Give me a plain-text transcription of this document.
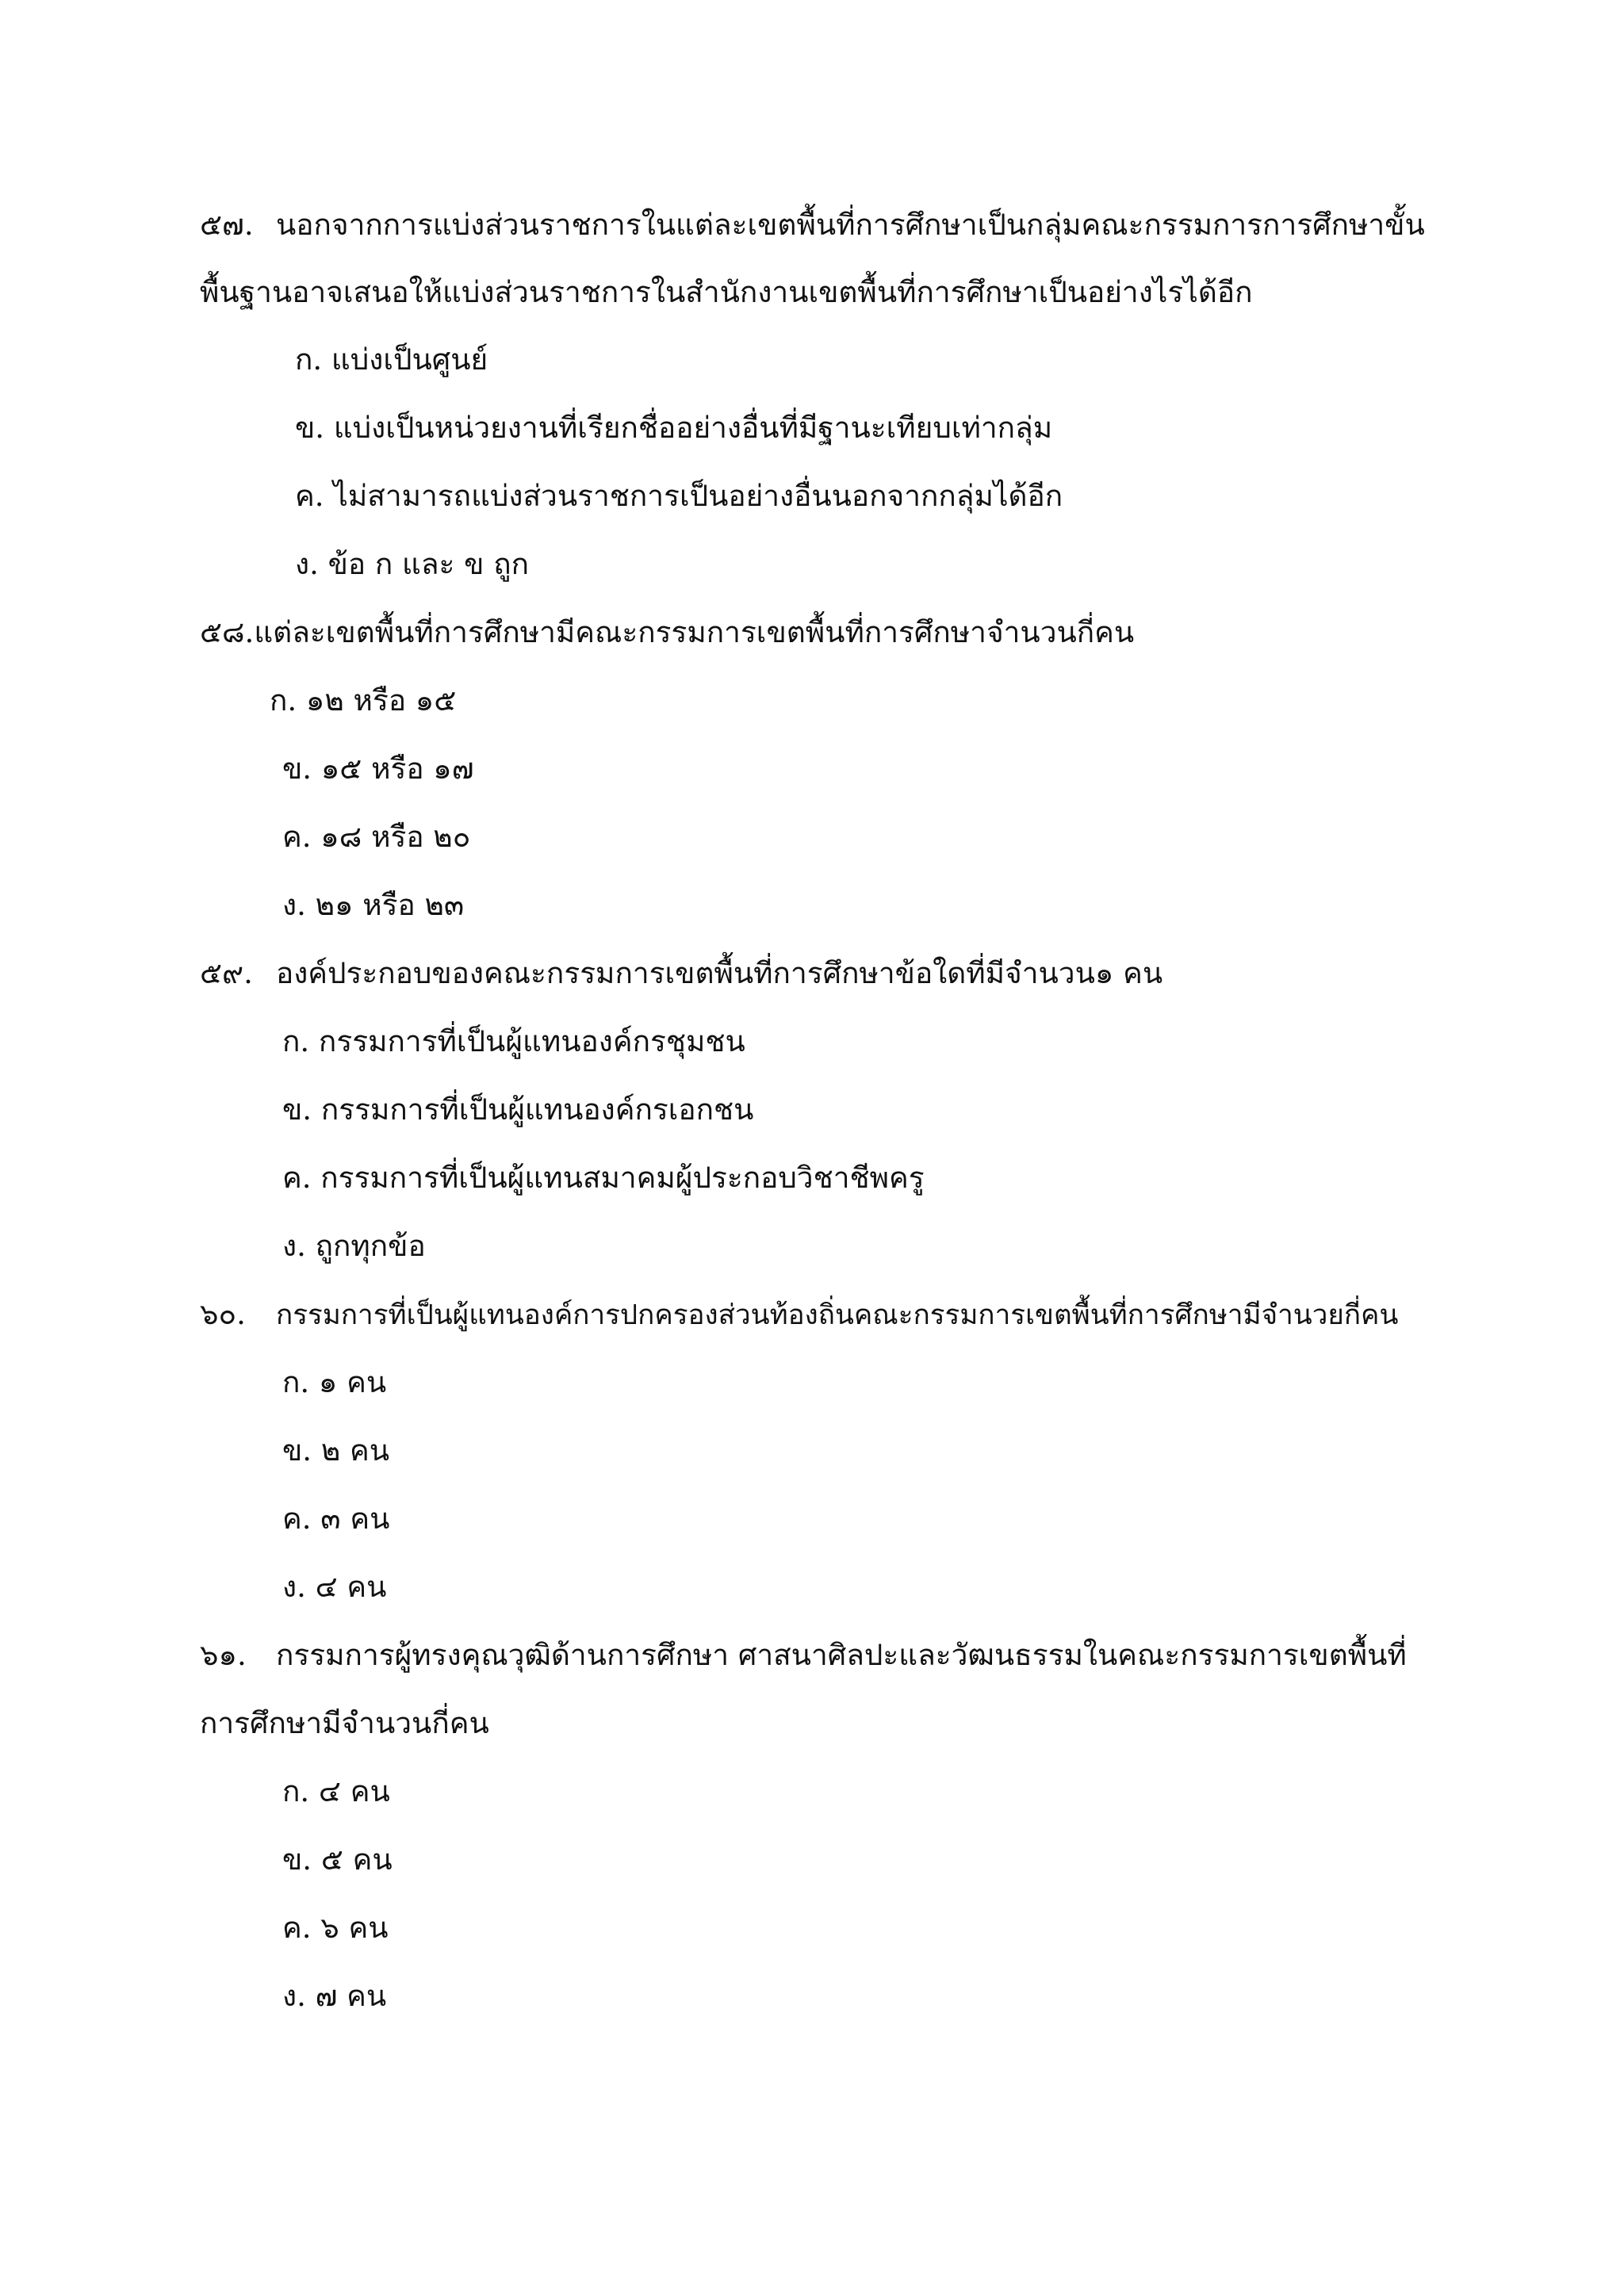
๕๗. นอกจากการแบ่งส่วนราชการในแต่ละเขตพื้นที่การศึกษาเป็นกลุ่มคณะกรรมการการศึกษาขั้น
พื้นฐานอาจเสนอให้แบ่งส่วนราชการในสำนักงานเขตพื้นที่การศึกษาเป็นอย่างไรได้อีก
ก. แบ่งเป็นศูนย์
ข. แบ่งเป็นหน่วยงานที่เรียกชื่ออย่างอื่นที่มีฐานะเทียบเท่ากลุ่ม
ค. ไม่สามารถแบ่งส่วนราชการเป็นอย่างอื่นนอกจากกลุ่มได้อีก
ง. ข้อ ก และ ข ถูก
๕๘.แต่ละเขตพื้นที่การศึกษามีคณะกรรมการเขตพื้นที่การศึกษาจำนวนกี่คน
ก. ๑๒ หรือ ๑๕
ข. ๑๕ หรือ ๑๗
ค. ๑๘ หรือ ๒๐
ง. ๒๑ หรือ ๒๓
๕๙. องค์ประกอบของคณะกรรมการเขตพื้นที่การศึกษาข้อใดที่มีจำนวน๑ คน
ก. กรรมการที่เป็นผู้แทนองค์กรชุมชน
ข. กรรมการที่เป็นผู้แทนองค์กรเอกชน
ค. กรรมการที่เป็นผู้แทนสมาคมผู้ประกอบวิชาชีพครู
ง. ถูกทุกข้อ
๖๐. กรรมการที่เป็นผู้แทนองค์การปกครองส่วนท้องถิ่นคณะกรรมการเขตพื้นที่การศึกษามีจำนวยกี่คน
ก. ๑ คน
ข. ๒ คน
ค. ๓ คน
ง. ๔ คน
๖๑. กรรมการผู้ทรงคุณวุฒิด้านการศึกษา ศาสนาศิลปะและวัฒนธรรมในคณะกรรมการเขตพื้นที่
การศึกษามีจำนวนกี่คน
ก. ๔ คน
ข. ๕ คน
ค. ๖ คน
ง. ๗ คน
